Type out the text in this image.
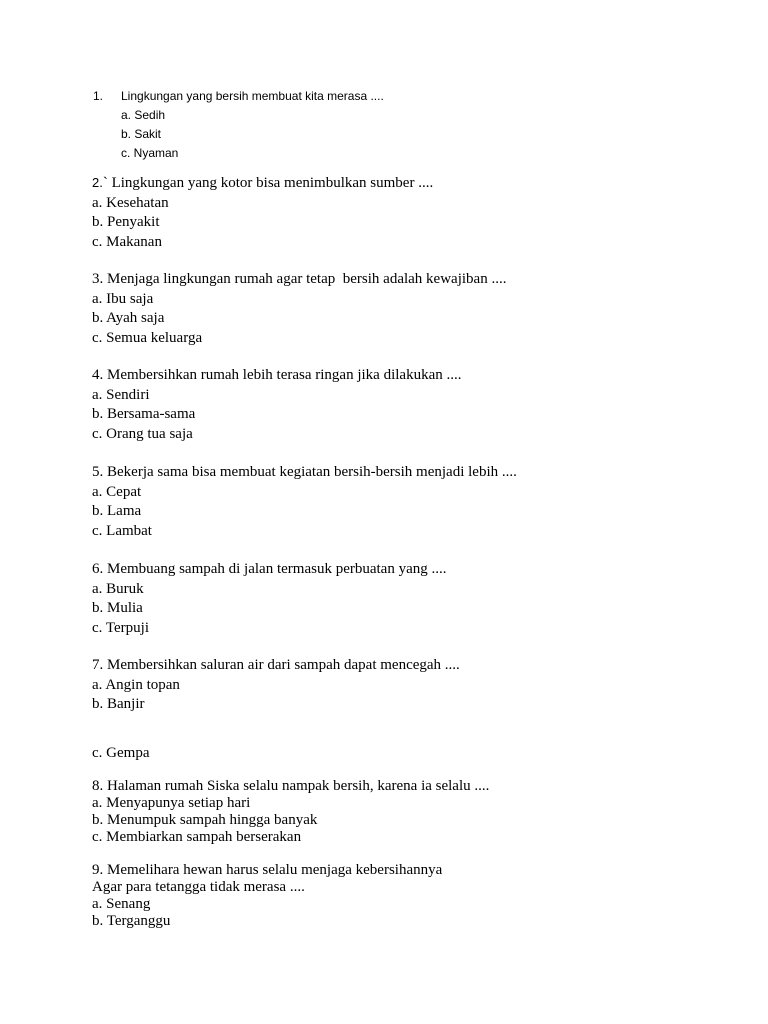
1.	Lingkungan yang bersih membuat kita merasa ....
a. Sedih
b. Sakit
c. Nyaman
2.` Lingkungan yang kotor bisa menimbulkan sumber ....
a. Kesehatan
b. Penyakit
c. Makanan
3. Menjaga lingkungan rumah agar tetap  bersih adalah kewajiban ....
a. Ibu saja
b. Ayah saja
c. Semua keluarga
4. Membersihkan rumah lebih terasa ringan jika dilakukan ....
a. Sendiri
b. Bersama-sama
c. Orang tua saja
5. Bekerja sama bisa membuat kegiatan bersih-bersih menjadi lebih ....
a. Cepat
b. Lama
c. Lambat
6. Membuang sampah di jalan termasuk perbuatan yang ....
a. Buruk
b. Mulia
c. Terpuji
7. Membersihkan saluran air dari sampah dapat mencegah ....
a. Angin topan
b. Banjir
c. Gempa
8. Halaman rumah Siska selalu nampak bersih, karena ia selalu ....
a. Menyapunya setiap hari
b. Menumpuk sampah hingga banyak
c. Membiarkan sampah berserakan
9. Memelihara hewan harus selalu menjaga kebersihannya
Agar para tetangga tidak merasa ....
a. Senang
b. Terganggu
